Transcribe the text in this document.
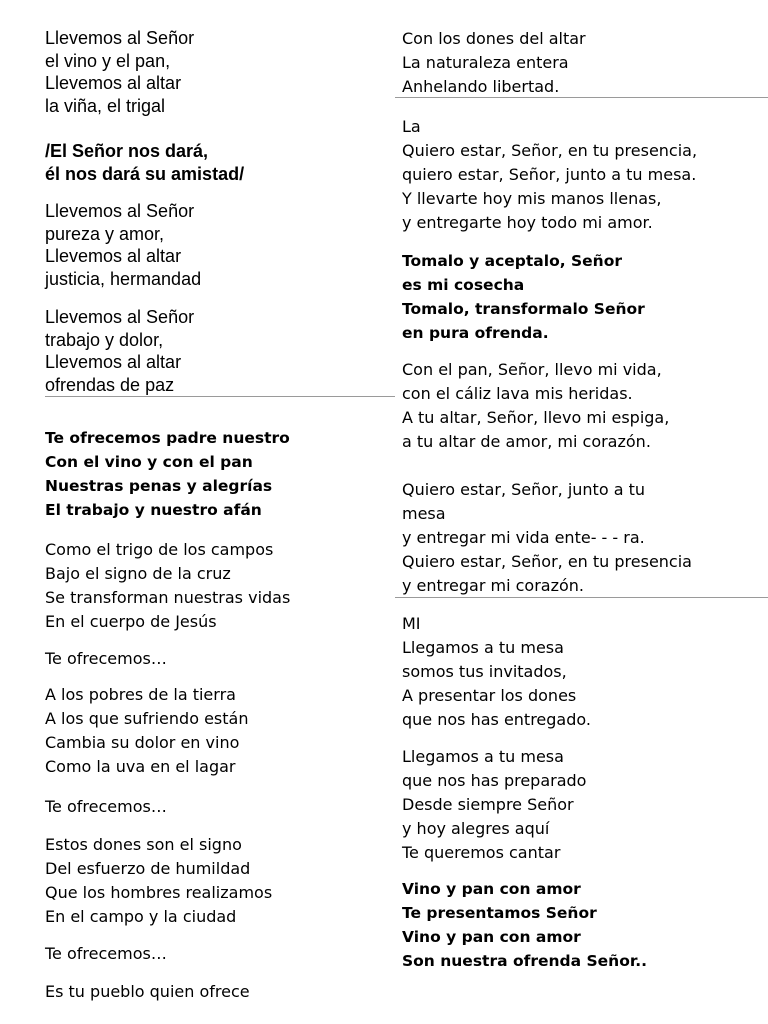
Llevemos al Señor
el vino y el pan,
Llevemos al altar
la viña, el trigal

/El Señor nos dará,
él nos dará su amistad/

Llevemos al Señor
pureza y amor,
Llevemos al altar
justicia, hermandad

Llevemos al Señor
trabajo y dolor,
Llevemos al altar
ofrendas de paz

Te ofrecemos padre nuestro
Con el vino y con el pan
Nuestras penas y alegrías
El trabajo y nuestro afán

Como el trigo de los campos
Bajo el signo de la cruz
Se transforman nuestras vidas
En el cuerpo de Jesús

Te ofrecemos…

A los pobres de la tierra
A los que sufriendo están
Cambia su dolor en vino
Como la uva en el lagar

Te ofrecemos…

Estos dones son el signo
Del esfuerzo de humildad
Que los hombres realizamos
En el campo y la ciudad

Te ofrecemos…

Es tu pueblo quien ofrece

Con los dones del altar
La naturaleza entera
Anhelando libertad.

La
Quiero estar, Señor, en tu presencia,
quiero estar, Señor, junto a tu mesa.
Y llevarte hoy mis manos llenas,
y entregarte hoy todo mi amor.

Tomalo y aceptalo, Señor
es mi cosecha
Tomalo, transformalo Señor
en pura ofrenda.

Con el pan, Señor, llevo mi vida,
con el cáliz lava mis heridas.
A tu altar, Señor, llevo mi espiga,
a tu altar de amor, mi corazón.

Quiero estar, Señor, junto a tu
mesa
y entregar mi vida ente- - - ra.
Quiero estar, Señor, en tu presencia
y entregar mi corazón.

MI
Llegamos a tu mesa
somos tus invitados,
A presentar los dones
que nos has entregado.

Llegamos a tu mesa
que nos has preparado
Desde siempre Señor
y hoy alegres aquí
Te queremos cantar

Vino y pan con amor
Te presentamos Señor
Vino y pan con amor
Son nuestra ofrenda Señor..
